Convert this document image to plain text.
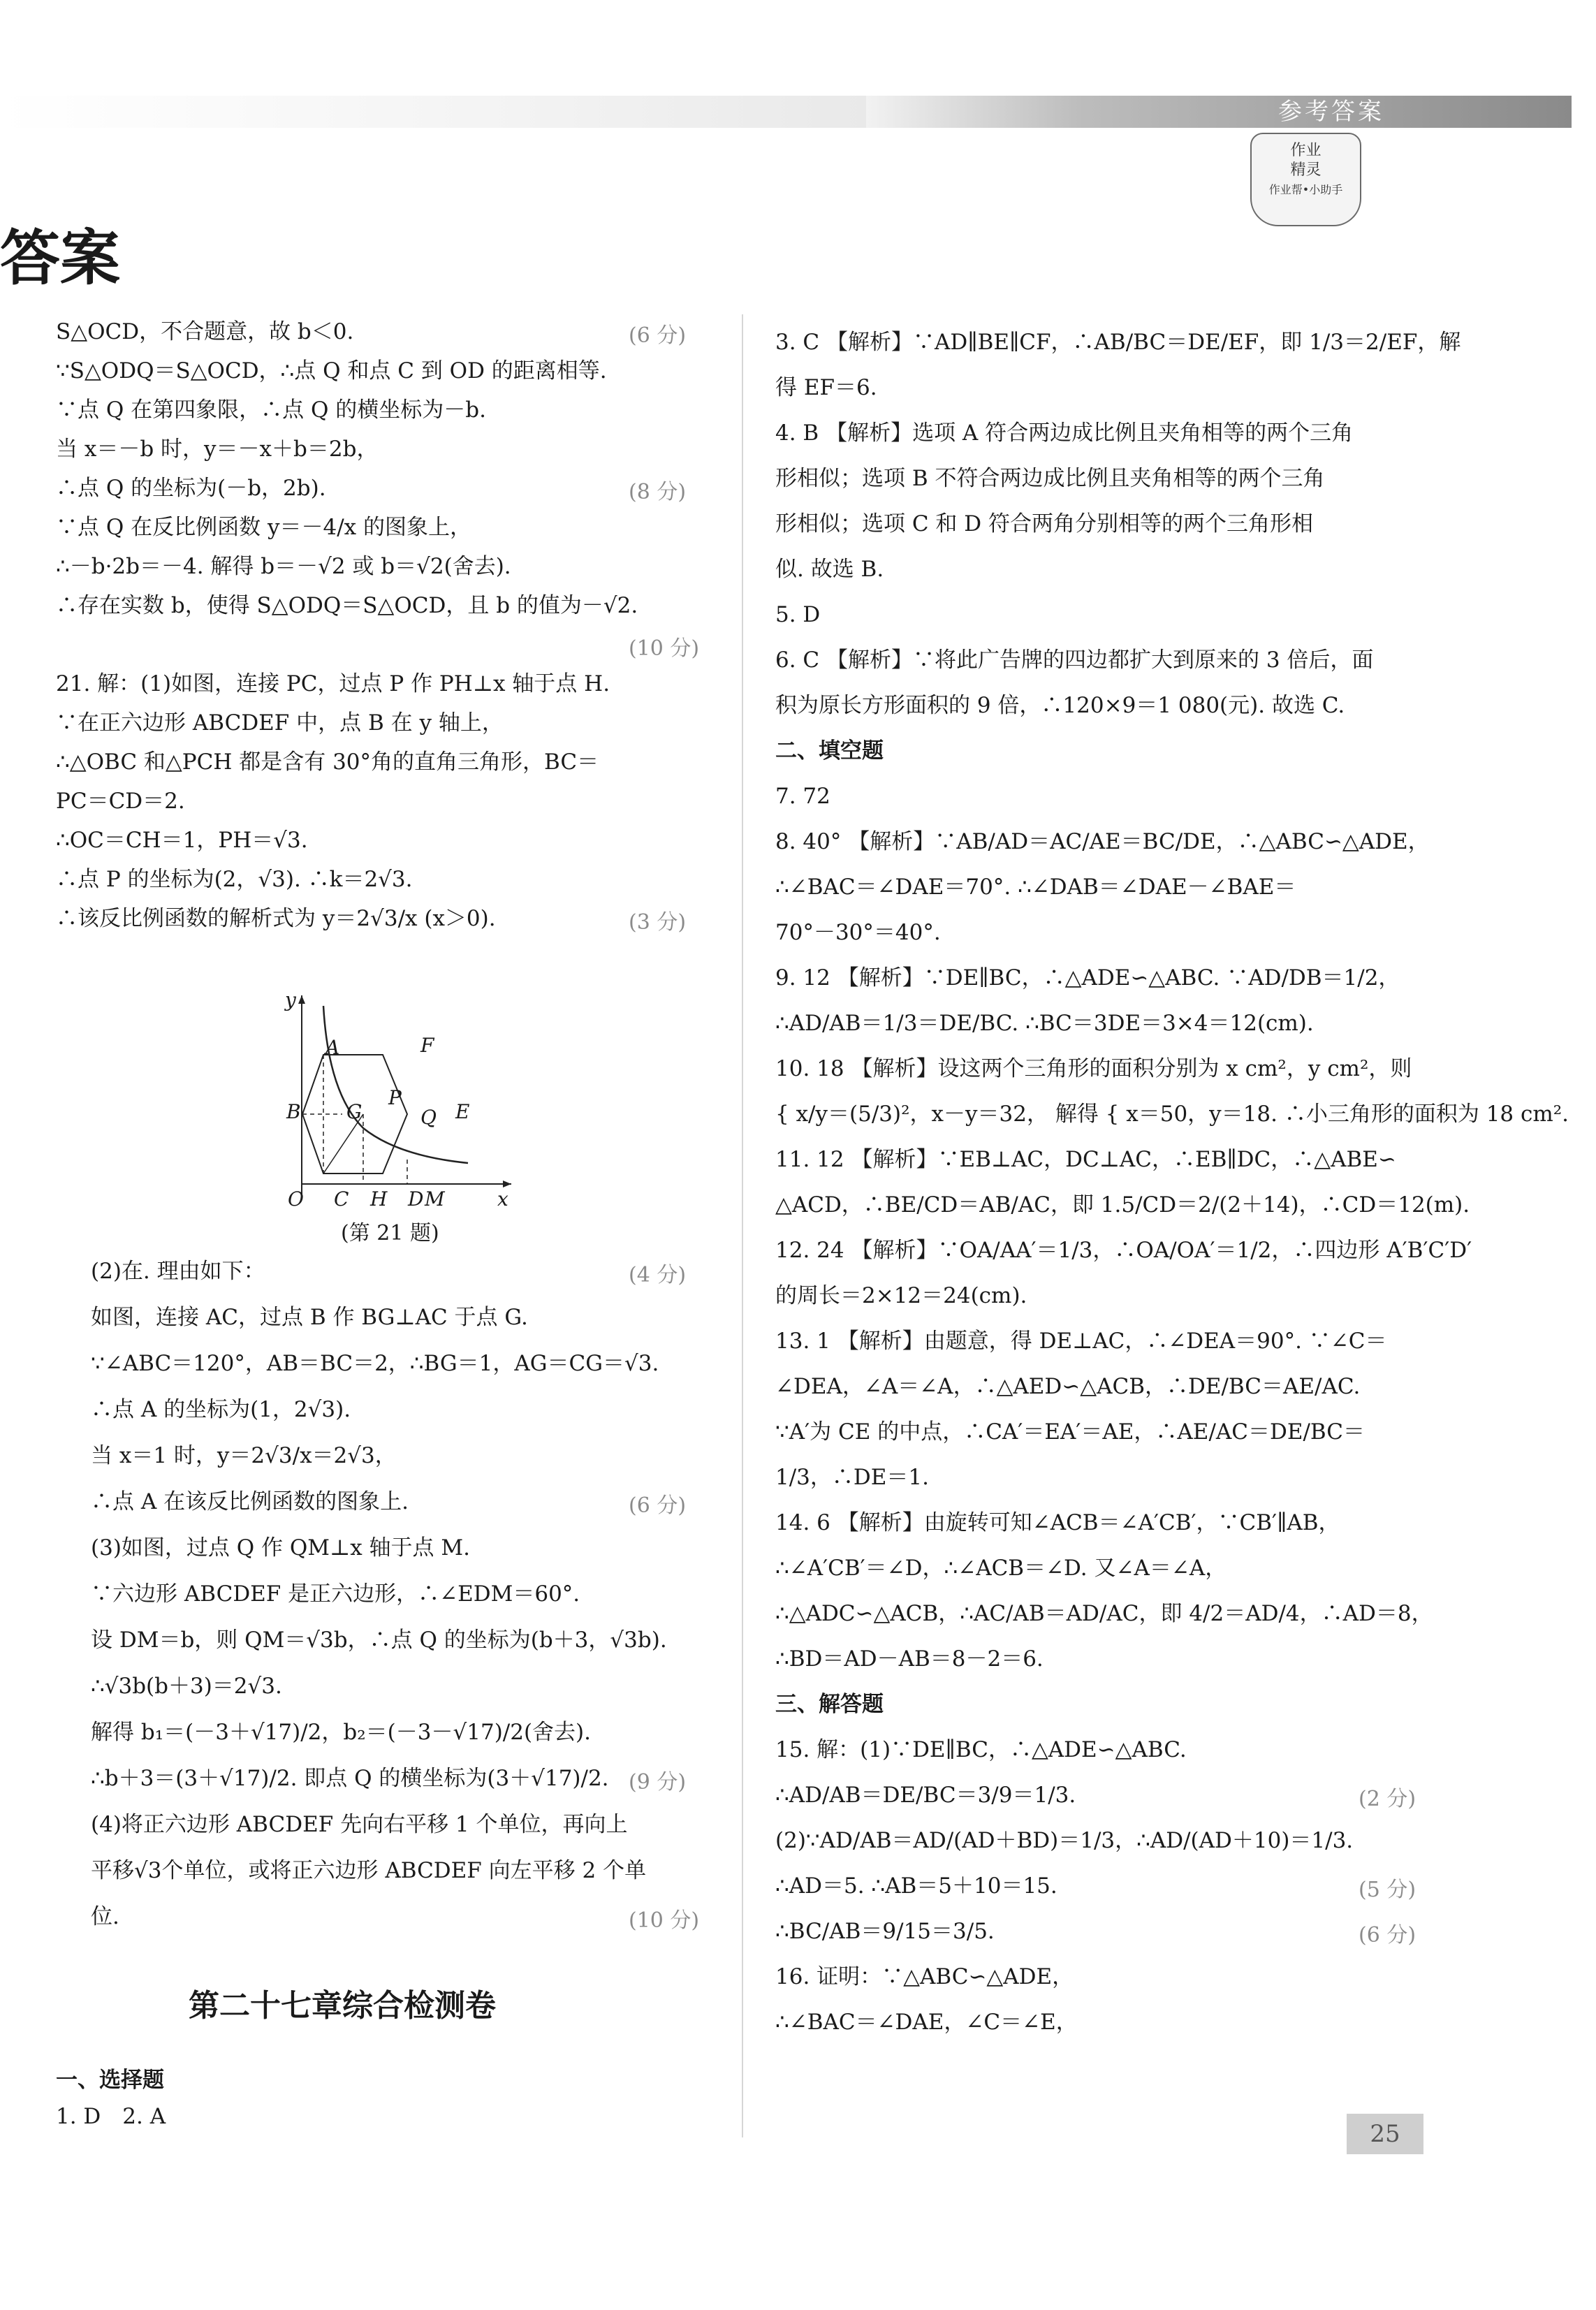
参考答案
作业
精灵
作业帮•小助手
答案
S△OCD，不合题意，故 b＜0.	(6 分)
∵S△ODQ＝S△OCD，∴点 Q 和点 C 到 OD 的距离相等.
∵点 Q 在第四象限，∴点 Q 的横坐标为－b.
当 x＝－b 时，y＝－x＋b＝2b，
∴点 Q 的坐标为(－b，2b).	(8 分)
∵点 Q 在反比例函数 y＝－4/x 的图象上，
∴－b·2b＝－4. 解得 b＝－√2 或 b＝√2(舍去).
∴存在实数 b，使得 S△ODQ＝S△OCD，且 b 的值为－√2.
(10 分)
21. 解：(1)如图，连接 PC，过点 P 作 PH⊥x 轴于点 H.
∵在正六边形 ABCDEF 中，点 B 在 y 轴上，
∴△OBC 和△PCH 都是含有 30°角的直角三角形，BC＝
PC＝CD＝2.
∴OC＝CH＝1，PH＝√3.
∴点 P 的坐标为(2，√3). ∴k＝2√3.
∴该反比例函数的解析式为 y＝2√3/x (x＞0).	(3 分)
y
A	F
B G
P
E
Q
O C H D M	x
(第 21 题)
(2)在. 理由如下：	(4 分)
如图，连接 AC，过点 B 作 BG⊥AC 于点 G.
∵∠ABC＝120°，AB＝BC＝2，∴BG＝1，AG＝CG＝√3.
∴点 A 的坐标为(1，2√3).
当 x＝1 时，y＝2√3/x＝2√3，
∴点 A 在该反比例函数的图象上.	(6 分)
(3)如图，过点 Q 作 QM⊥x 轴于点 M.
∵六边形 ABCDEF 是正六边形，∴∠EDM＝60°.
设 DM＝b，则 QM＝√3b，∴点 Q 的坐标为(b＋3，√3b).
∴√3b(b＋3)＝2√3.
解得 b₁＝(－3＋√17)/2，b₂＝(－3－√17)/2(舍去).
∴b＋3＝(3＋√17)/2. 即点 Q 的横坐标为(3＋√17)/2. (9 分)
(4)将正六边形 ABCDEF 先向右平移 1 个单位，再向上
平移√3个单位，或将正六边形 ABCDEF 向左平移 2 个单
位.	(10 分)
第二十七章综合检测卷
一、选择题
1. D　2. A
3. C 【解析】∵AD∥BE∥CF，∴AB/BC＝DE/EF，即 1/3＝2/EF，解
得 EF＝6.
4. B 【解析】选项 A 符合两边成比例且夹角相等的两个三角
形相似；选项 B 不符合两边成比例且夹角相等的两个三角
形相似；选项 C 和 D 符合两角分别相等的两个三角形相
似. 故选 B.
5. D
6. C 【解析】∵将此广告牌的四边都扩大到原来的 3 倍后，面
积为原长方形面积的 9 倍，∴120×9＝1 080(元). 故选 C.
二、填空题
7. 72
8. 40° 【解析】∵AB/AD＝AC/AE＝BC/DE，∴△ABC∽△ADE，
∴∠BAC＝∠DAE＝70°. ∴∠DAB＝∠DAE－∠BAE＝
70°－30°＝40°.
9. 12 【解析】∵DE∥BC，∴△ADE∽△ABC. ∵AD/DB＝1/2，
∴AD/AB＝1/3＝DE/BC. ∴BC＝3DE＝3×4＝12(cm).
10. 18 【解析】设这两个三角形的面积分别为 x cm²，y cm²，则
{ x/y＝(5/3)²，x－y＝32， 解得 { x＝50，y＝18. ∴小三角形的面积为 18 cm².
11. 12 【解析】∵EB⊥AC，DC⊥AC，∴EB∥DC，∴△ABE∽
△ACD，∴BE/CD＝AB/AC，即 1.5/CD＝2/(2＋14)，∴CD＝12(m).
12. 24 【解析】∵OA/AA′＝1/3，∴OA/OA′＝1/2，∴四边形 A′B′C′D′
的周长＝2×12＝24(cm).
13. 1 【解析】由题意，得 DE⊥AC，∴∠DEA＝90°. ∵∠C＝
∠DEA，∠A＝∠A，∴△AED∽△ACB，∴DE/BC＝AE/AC.
∵A′为 CE 的中点，∴CA′＝EA′＝AE，∴AE/AC＝DE/BC＝
1/3，∴DE＝1.
14. 6 【解析】由旋转可知∠ACB＝∠A′CB′，∵CB′∥AB，
∴∠A′CB′＝∠D，∴∠ACB＝∠D. 又∠A＝∠A，
∴△ADC∽△ACB，∴AC/AB＝AD/AC，即 4/2＝AD/4，∴AD＝8，
∴BD＝AD－AB＝8－2＝6.
三、解答题
15. 解：(1)∵DE∥BC，∴△ADE∽△ABC.
∴AD/AB＝DE/BC＝3/9＝1/3.	(2 分)
(2)∵AD/AB＝AD/(AD＋BD)＝1/3，∴AD/(AD＋10)＝1/3.
∴AD＝5. ∴AB＝5＋10＝15.	(5 分)
∴BC/AB＝9/15＝3/5.	(6 分)
16. 证明：∵△ABC∽△ADE，
∴∠BAC＝∠DAE，∠C＝∠E，
25
